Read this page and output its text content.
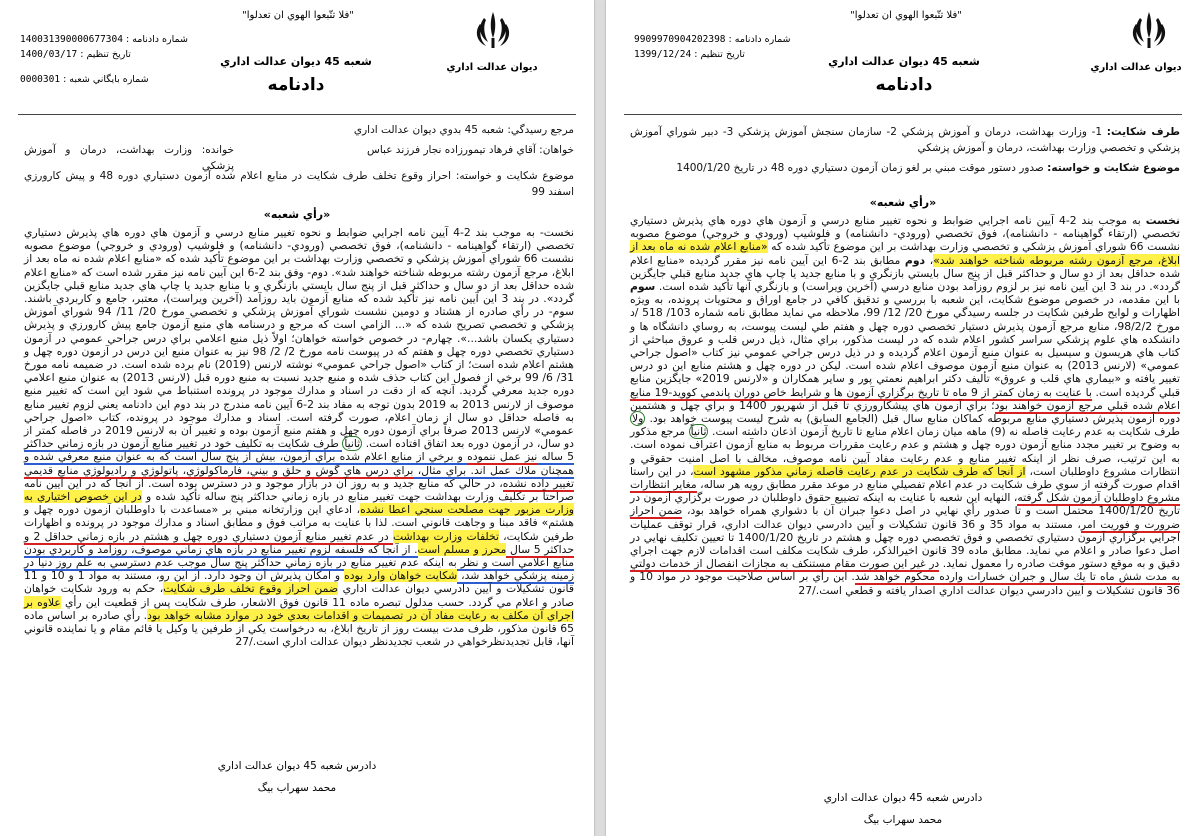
"فلا تتّبعوا الهوي ان تعدلوا"
ديوان عدالت اداري
شعبه 45 ديوان عدالت اداري
دادنامه
شماره دادنامه : 140031390000677304
تاريخ تنظيم : 1400/03/17
شماره بايگاني شعبه : 0000301
مرجع رسيدگي: شعبه 45 بدوي ديوان عدالت اداري
خواهان: آقاي فرهاد تيمورزاده نجار فرزند عباس
خوانده: وزارت بهداشت، درمان و آموزش پزشكي
موضوع شكايت و خواسته: احراز وقوع تخلف طرف شكايت در منابع اعلام شده آزمون دستياري دوره 48 و پيش كارورزي اسفند 99
«رأي شعبه»

نخست- به موجب بند 2-4 آيين نامه اجرايي ضوابط و نحوه تغيير منابع درسي و آزمون هاي دوره هاي پذيرش دستياري تخصصي (ارتقاء گواهينامه - دانشنامه)، فوق تخصصي (ورودي- دانشنامه) و فلوشيپ (ورودي و خروجي) موضوع مصوبه نشست 66 شوراي آموزش پزشكي و تخصصي وزارت بهداشت بر اين موضوع تأكيد شده كه «منابع اعلام شده نه ماه بعد از ابلاغ، مرجع آزمون رشته مربوطه شناخته خواهند شد». دوم- وفق بند 2-6 اين آيين نامه نيز مقرر شده است كه «منابع اعلام شده حداقل بعد از دو سال و حداكثر قبل از پنج سال بايستي بازنگري و با منابع جديد يا چاپ هاي جديد منابع قبلي جايگزين گردد». در بند 3 اين آيين نامه نيز تأكيد شده كه منابع آزمون بايد روزآمد (آخرين ويراست)، معتبر، جامع و كاربردي باشند. سوم- در رأي صادره از هشتاد و دومين نشست شوراي آموزش پزشكي و تخصصي مورخ 20/ 11/ 94 شوراي آموزش پزشكي و تخصصي تصريح شده كه «... الزامي است كه مرجع و درسنامه هاي منبع آزمون جامع پيش كارورزي و پذيرش دستياري يكسان باشد...». چهارم- در خصوص خواسته خواهان؛ اولاً ذيل منبع اعلامي براي درس جراحي عمومي در آزمون دستياري تخصصي دوره چهل و هفتم كه در پيوست نامه مورخ 2/ 2/ 98 نيز به عنوان منبع اين درس در آزمون دوره چهل و هشتم اعلام شده است؛ از كتاب «اصول جراحي عمومي» نوشته لارنس (2019) نام برده شده است. در ضميمه نامه مورخ 31/ 6/ 99 برخي از فصول اين كتاب حذف شده و منبع جديد نسبت به منبع دوره قبل (لارنس 2013) به عنوان منبع اعلامي دوره جديد معرفي گرديد. آنچه كه از دقت در اسناد و مدارك موجود در پرونده استنباط مي شود اين است كه تغيير منبع موصوف از لارنس 2013 به 2019 بدون توجه به مفاد بند 2-6 آيين نامه مندرج در بند دوم اين دادنامه يعني لزوم تغيير منابع به فاصله حداقل دو سال از زمان اعلام، صورت گرفته است. اسناد و مدارك موجود در پرونده، كتاب «اصول جراحي عمومي» لارنس 2013 صرفاً براي آزمون دوره چهل و هفتم منبع آزمون بوده و تغيير آن به لارنس 2019 در فاصله كمتر از دو سال، در آزمون دوره بعد اتفاق افتاده است. ثانياً طرف شكايت به تكليف خود در تغيير منابع آزمون در بازه زماني حداكثر 5 ساله نيز عمل ننموده و برخي از منابع اعلام شده براي آزمون، بيش از پنج سال است كه به عنوان منبع معرفي شده و همچنان ملاك عمل اند. براي مثال، براي درس هاي گوش و حلق و بيني، فارماكولوژي، پاتولوژي و راديولوژي منابع قديمي تغيير داده نشده، در حالي كه منابع جديد و به روز آن در بازار موجود و در دسترس بوده است. از آنجا كه در اين آيين نامه صراحتاً بر تكليف وزارت بهداشت جهت تغيير منابع در بازه زماني حداكثر پنج ساله تأكيد شده و در اين خصوص اختياري به وزارت مزبور جهت مصلحت سنجي اعطا نشده، ادعاي اين وزارتخانه مبني بر «مساعدت با داوطلبان آزمون دوره چهل و هشتم» فاقد مبنا و وجاهت قانوني است. لذا با عنايت به مراتب فوق و مطابق اسناد و مدارك موجود در پرونده و اظهارات طرفين شكايت، تخلفات وزارت بهداشت در عدم تغيير منابع آزمون دستياري دوره چهل و هشتم در بازه زماني حداقل 2 و حداكثر 5 سال محرز و مسلم است. از آنجا كه فلسفه لزوم تغيير منابع در بازه هاي زماني موصوف، روزآمد و كاربردي بودن منابع اعلامي است و نظر به اينكه عدم تغيير منابع در بازه زماني حداكثر پنج سال موجب عدم دسترسي به علم روز دنيا در زمينه پزشكي خواهد شد، شكايت خواهان وارد بوده و امكان پذيرش آن وجود دارد. از اين رو، مستند به مواد 1 و 10 و 11 قانون تشكيلات و آيين دادرسي ديوان عدالت اداري ضمن احراز وقوع تخلف طرف شكايت، حكم به ورود شكايت خواهان صادر و اعلام مي گردد. حسب مدلول تبصره ماده 11 قانون فوق الاشعار، طرف شكايت پس از قطعيت اين رأي علاوه بر اجراي آن مكلف به رعايت مفاد آن در تصميمات و اقدامات بعدي خود در موارد مشابه خواهد بود. رأي صادره بر اساس ماده 65 قانون مذكور، ظرف مدت بيست روز از تاريخ ابلاغ، به درخواست يكي از طرفين يا وكيل يا قائم مقام و يا نماينده قانوني آنها، قابل تجديدنظرخواهي در شعب تجديدنظر ديوان عدالت اداري است./27

دادرس شعبه 45 ديوان عدالت اداري
محمد سهراب بيگ
"فلا تتّبعوا الهوي ان تعدلوا"
ديوان عدالت اداري
شعبه 45 ديوان عدالت اداري
دادنامه
شماره دادنامه : 9909970904202398
تاريخ تنظيم : 1399/12/24
طرف شكايت: 1- وزارت بهداشت، درمان و آموزش پزشكي 2- سازمان سنجش آموزش پزشكي 3- دبير شوراي آموزش پزشكي و تخصصي وزارت بهداشت، درمان و آموزش پزشكي
موضوع شكايت و خواسته: صدور دستور موقت مبني بر لغو زمان آزمون دستياري دوره 48 در تاريخ 1400/1/20
«رأي شعبه»

نخست به موجب بند 2-4 آيين نامه اجرايي ضوابط و نحوه تغيير منابع درسي و آزمون هاي دوره هاي پذيرش دستياري تخصصي (ارتقاء گواهينامه - دانشنامه)، فوق تخصصي (ورودي- دانشنامه) و فلوشيپ (ورودي و خروجي) موضوع مصوبه نشست 66 شوراي آموزش پزشكي و تخصصي وزارت بهداشت بر اين موضوع تأكيد شده كه «منابع اعلام شده نه ماه بعد از ابلاغ، مرجع آزمون رشته مربوطه شناخته خواهند شد»، دوم مطابق بند 2-6 اين آيين نامه نيز مقرر گرديده «منابع اعلام شده حداقل بعد از دو سال و حداكثر قبل از پنج سال بايستي بازنگري و با منابع جديد يا چاپ هاي جديد منابع قبلي جايگزين گردد». در بند 3 اين آيين نامه نيز بر لزوم روزآمد بودن منابع درسي (آخرين ويراست) و بازنگري آنها تأكيد شده است. سوم با اين مقدمه، در خصوص موضوع شكايت، اين شعبه با بررسي و تدقيق كافي در جامع اوراق و محتويات پرونده، به ويژه اظهارات و لوايح طرفين شكايت در جلسه رسيدگي مورخ 20/ 12/ 99، ملاحظه مي نمايد مطابق نامه شماره 103/ 518 /د مورخ 98/2/2، منابع مرجع آزمون پذيرش دستيار تخصصي دوره چهل و هفتم طي ليست پيوست، به روساي دانشگاه ها و دانشكده هاي علوم پزشكي سراسر كشور اعلام شده كه در ليست مذكور، براي مثال، ذيل درس قلب و عروق مباحثي از كتاب هاي هريسون و سيسيل به عنوان منبع آزمون اعلام گرديده و در ذيل درس جراحي عمومي نيز كتاب «اصول جراحي عمومي» (لارنس 2013) به عنوان منبع آزمون موصوف اعلام شده است. ليكن در دوره چهل و هشتم منابع اين دو درس تغيير يافته و «بيماري هاي قلب و عروق» تأليف دكتر ابراهيم نعمتي پور و ساير همكاران و «لارنس 2019» جايگزين منابع قبلي گرديده است. با عنايت به زمان كمتر از 9 ماه تا تاريخ برگزاري آزمون ها و شرايط خاص دوران پاندمي كوويد-19 منابع اعلام شده قبلي مرجع آزمون خواهند بود؛ براي آزمون هاي پيشكارورزي تا قبل از شهريور 1400 و براي چهل و هشتمين دوره آزمون پذيرش دستياري منابع مربوطه كماكان منابع سال قبل (الجامع السابق) به شرح ليست پيوست خواهد بود. ولا طرف شكايت به عدم رعايت فاصله نه (9) ماهه ميان زمان اعلام منابع تا تاريخ آزمون اذعان داشته است. ثانياً مرجع مذكور به وضوح بر تغيير مجدد منابع آزمون دوره چهل و هشتم و عدم رعايت مقررات مربوط به منابع آزمون اعتراف نموده است. به اين ترتيب، صرف نظر از اينكه تغيير منابع و عدم رعايت مفاد آيين نامه موصوف، مخالف با اصل امنيت حقوقي و انتظارات مشروع داوطلبان است، از آنجا كه طرف شكايت در عدم رعايت فاصله زماني مذكور مشهود است، در اين راستا اقدام صورت گرفته از سوي طرف شكايت در عدم اعلام تفصيلي منابع در موعد مقرر مطابق رويه هر ساله، مغاير انتظارات مشروع داوطلبان آزمون شكل گرفته، النهايه اين شعبه با عنايت به اينكه تضييع حقوق داوطلبان در صورت برگزاري آزمون در تاريخ 1400/1/20 محتمل است و تا صدور رأي نهايي در اصل دعوا جبران آن با دشواري همراه خواهد بود، ضمن احراز ضرورت و فوريت امر، مستند به مواد 35 و 36 قانون تشكيلات و آيين دادرسي ديوان عدالت اداري، قرار توقف عمليات اجرايي برگزاري آزمون دستياري تخصصي و فوق تخصصي دوره چهل و هشتم در تاريخ 1400/1/20 تا تعيين تكليف نهايي در اصل دعوا صادر و اعلام مي نمايد. مطابق ماده 39 قانون اخيرالذكر، طرف شكايت مكلف است اقدامات لازم جهت اجراي دقيق و به موقع دستور موقت صادره را معمول نمايد. در غير اين صورت مقام مستنكف به مجازات انفصال از خدمات دولتي به مدت شش ماه تا يك سال و جبران خسارات وارده محكوم خواهد شد. اين رأي بر اساس صلاحيت موجود در مواد 10 و 36 قانون تشكيلات و آيين دادرسي ديوان عدالت اداري اصدار يافته و قطعي است./27

دادرس شعبه 45 ديوان عدالت اداري
محمد سهراب بيگ
